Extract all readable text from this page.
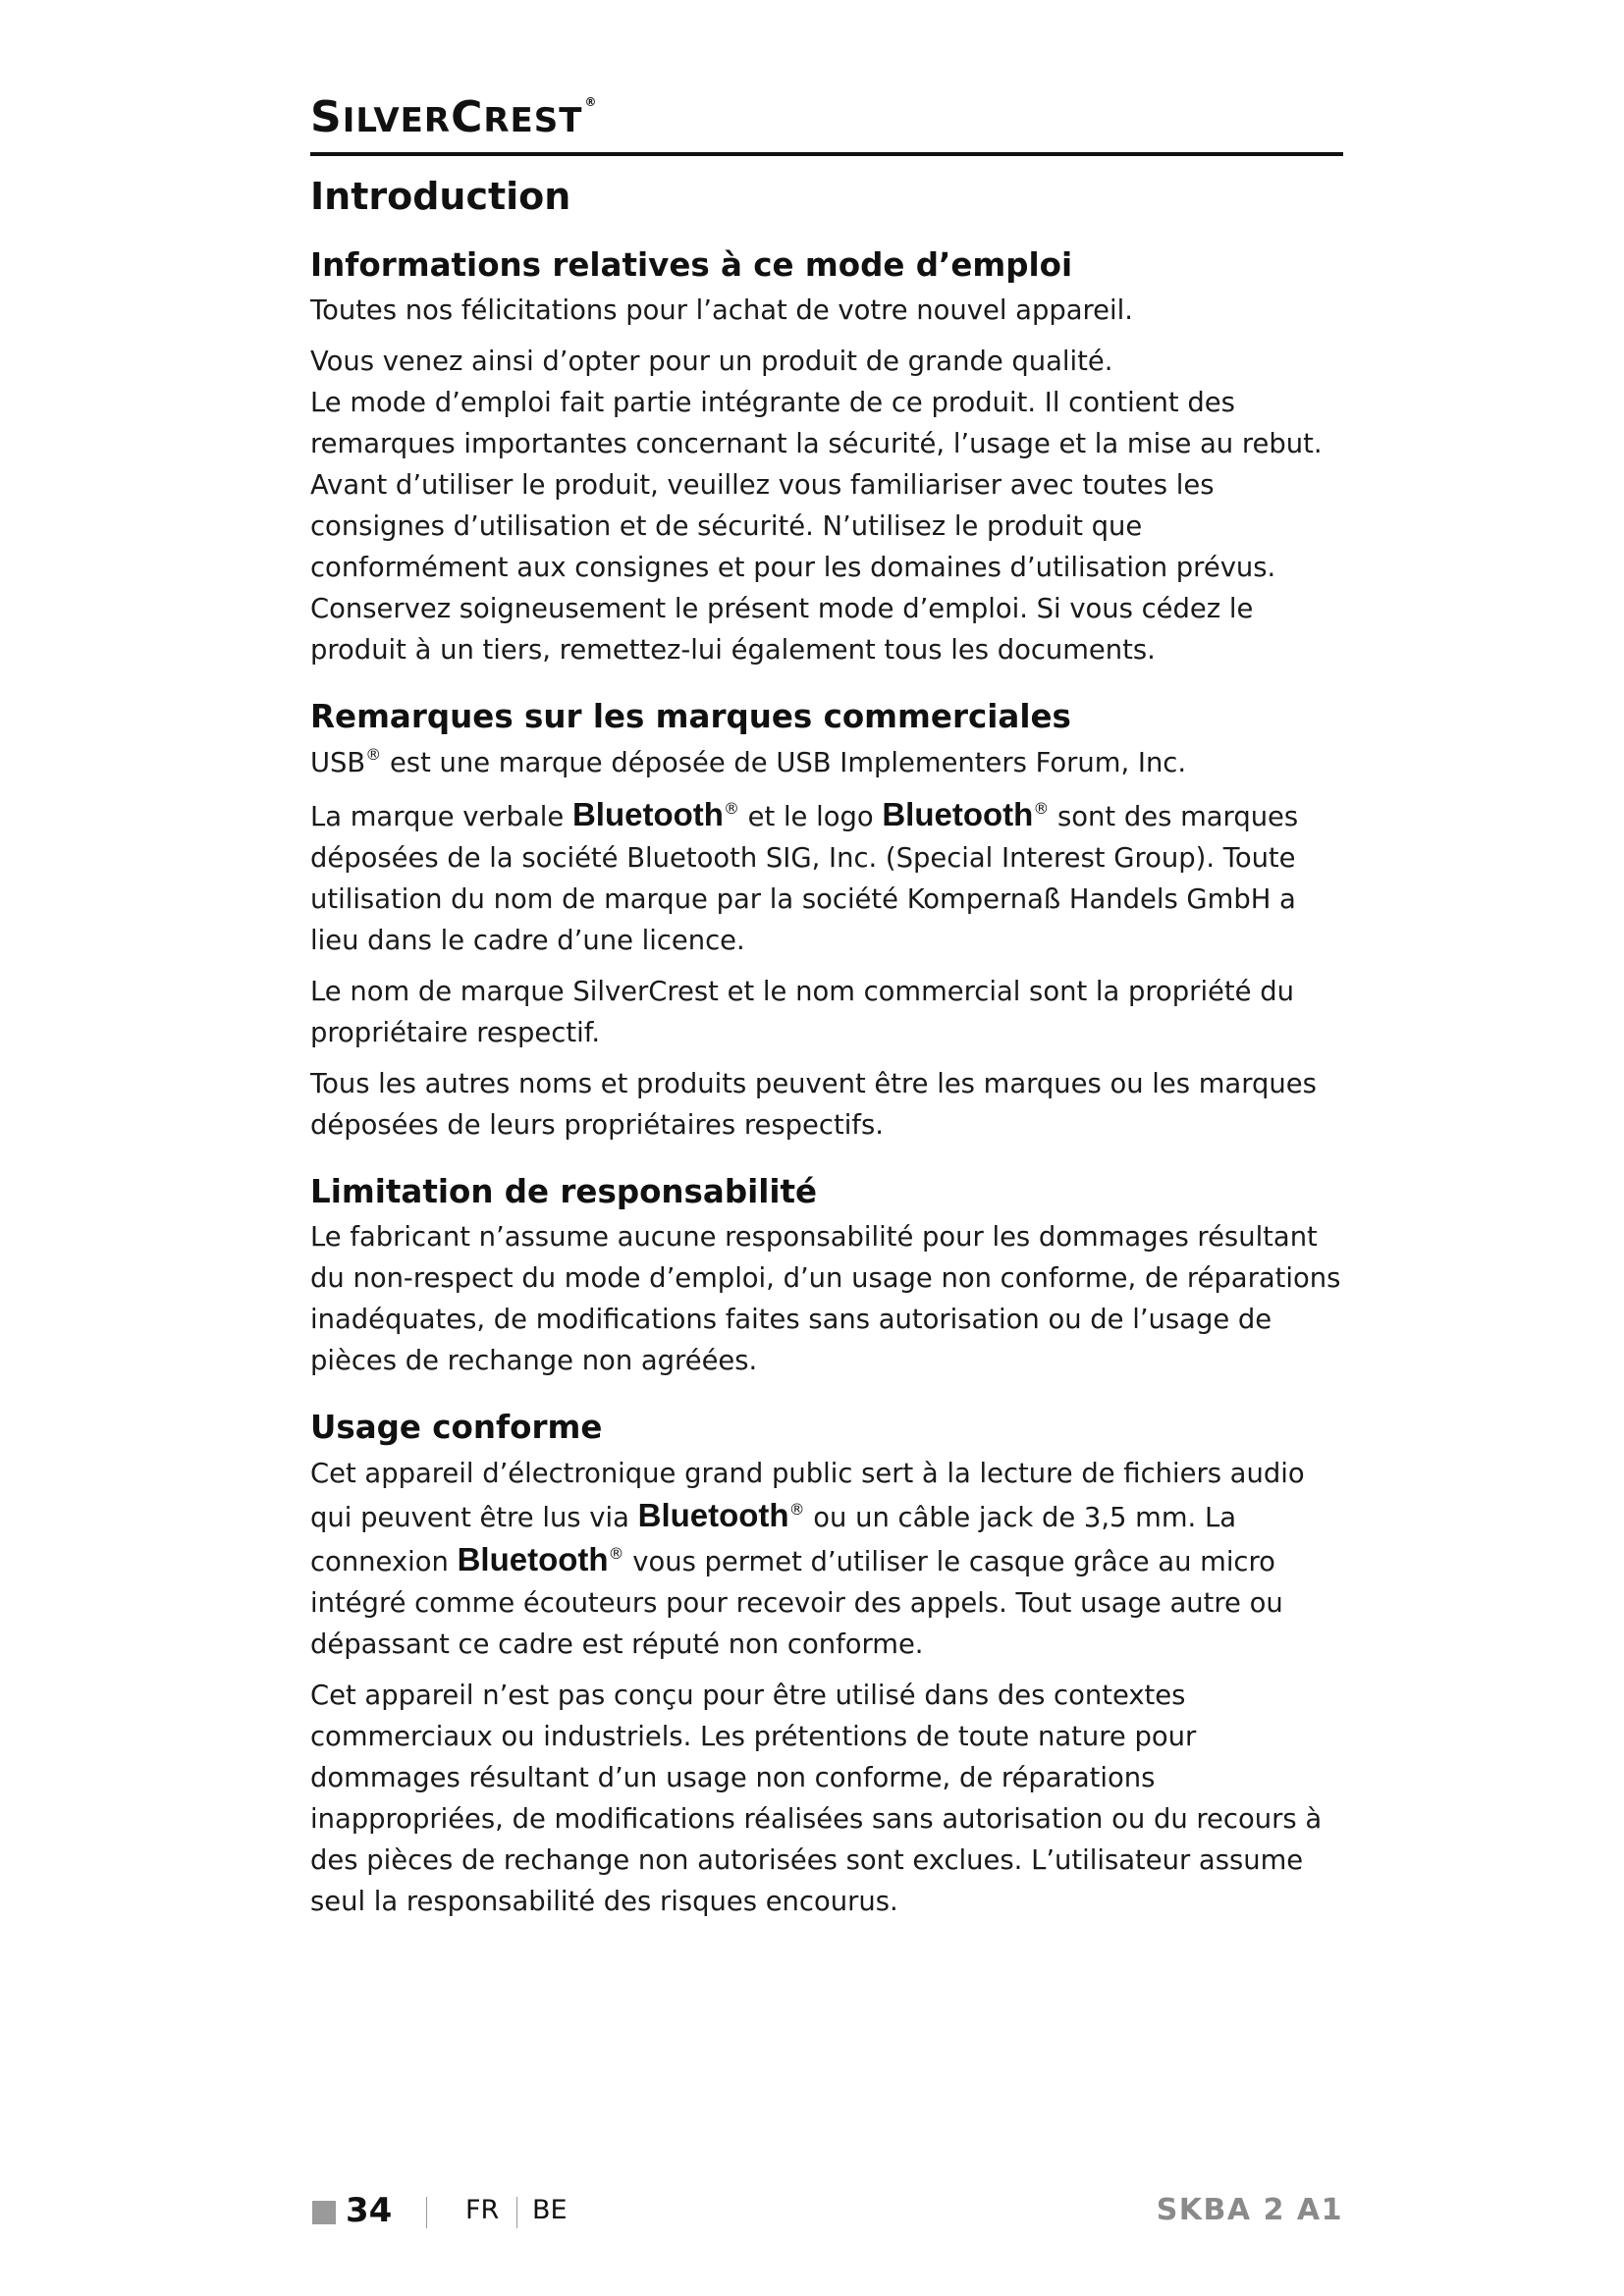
SILVERCREST ®
Introduction
Informations relatives à ce mode d’emploi

Toutes nos félicitations pour l’achat de votre nouvel appareil.

Vous venez ainsi d’opter pour un produit de grande qualité.

Le mode d’emploi fait partie intégrante de ce produit. Il contient des remarques importantes concernant la sécurité, l’usage et la mise au rebut. Avant d’utiliser le produit, veuillez vous familiariser avec toutes les consignes d’utilisation et de sécurité. N’utilisez le produit que conformément aux consignes et pour les domaines d’utilisation prévus. Conservez soigneusement le présent mode d’emploi. Si vous cédez le produit à un tiers, remettez-lui également tous les documents.

Remarques sur les marques commerciales

USB® est une marque déposée de USB Implementers Forum, Inc.

La marque verbale Bluetooth® et le logo Bluetooth® sont des marques déposées de la société Bluetooth SIG, Inc. (Special Interest Group). Toute utilisation du nom de marque par la société Kompernaß Handels GmbH a lieu dans le cadre d’une licence.

Le nom de marque SilverCrest et le nom commercial sont la propriété du propriétaire respectif.

Tous les autres noms et produits peuvent être les marques ou les marques déposées de leurs propriétaires respectifs.

Limitation de responsabilité

Le fabricant n’assume aucune responsabilité pour les dommages résultant du non-respect du mode d’emploi, d’un usage non conforme, de réparations inadéquates, de modifications faites sans autorisation ou de l’usage de pièces de rechange non agréées.

Usage conforme

Cet appareil d’électronique grand public sert à la lecture de fichiers audio qui peuvent être lus via Bluetooth® ou un câble jack de 3,5 mm. La connexion Bluetooth® vous permet d’utiliser le casque grâce au micro intégré comme écouteurs pour recevoir des appels. Tout usage autre ou dépassant ce cadre est réputé non conforme.

Cet appareil n’est pas conçu pour être utilisé dans des contextes commerciaux ou industriels. Les prétentions de toute nature pour dommages résultant d’un usage non conforme, de réparations inappropriées, de modifications réalisées sans autorisation ou du recours à des pièces de rechange non autorisées sont exclues. L’utilisateur assume seul la responsabilité des risques encourus.

34	FR BE	SKBA 2 A1
